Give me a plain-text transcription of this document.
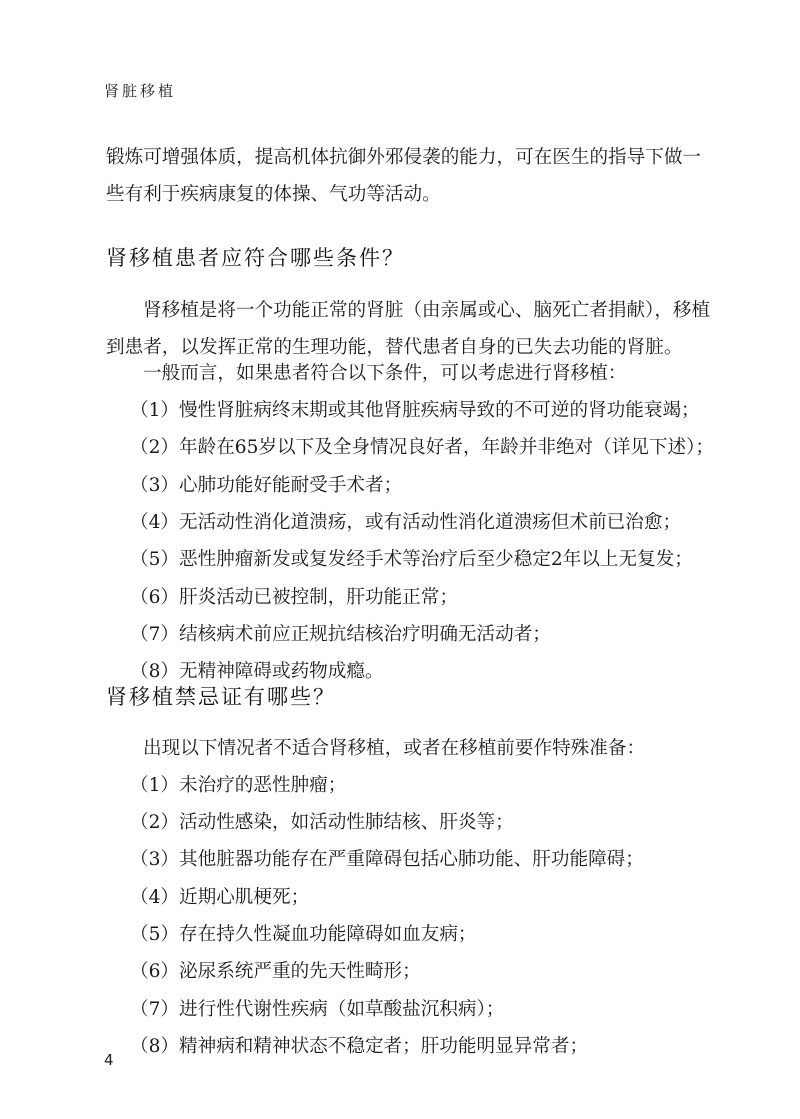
肾脏移植
锻炼可增强体质，提高机体抗御外邪侵袭的能力，可在医生的指导下做一
些有利于疾病康复的体操、气功等活动。
肾移植患者应符合哪些条件？
肾移植是将一个功能正常的肾脏（由亲属或心、脑死亡者捐献），移植
到患者，以发挥正常的生理功能，替代患者自身的已失去功能的肾脏。
一般而言，如果患者符合以下条件，可以考虑进行肾移植：
（1）慢性肾脏病终末期或其他肾脏疾病导致的不可逆的肾功能衰竭；
（2）年龄在65岁以下及全身情况良好者，年龄并非绝对（详见下述）；
（3）心肺功能好能耐受手术者；
（4）无活动性消化道溃疡，或有活动性消化道溃疡但术前已治愈；
（5）恶性肿瘤新发或复发经手术等治疗后至少稳定2年以上无复发；
（6）肝炎活动已被控制，肝功能正常；
（7）结核病术前应正规抗结核治疗明确无活动者；
（8）无精神障碍或药物成瘾。
肾移植禁忌证有哪些？
出现以下情况者不适合肾移植，或者在移植前要作特殊准备：
（1）未治疗的恶性肿瘤；
（2）活动性感染，如活动性肺结核、肝炎等；
（3）其他脏器功能存在严重障碍包括心肺功能、肝功能障碍；
（4）近期心肌梗死；
（5）存在持久性凝血功能障碍如血友病；
（6）泌尿系统严重的先天性畸形；
（7）进行性代谢性疾病（如草酸盐沉积病）；
（8）精神病和精神状态不稳定者；肝功能明显异常者；
4
